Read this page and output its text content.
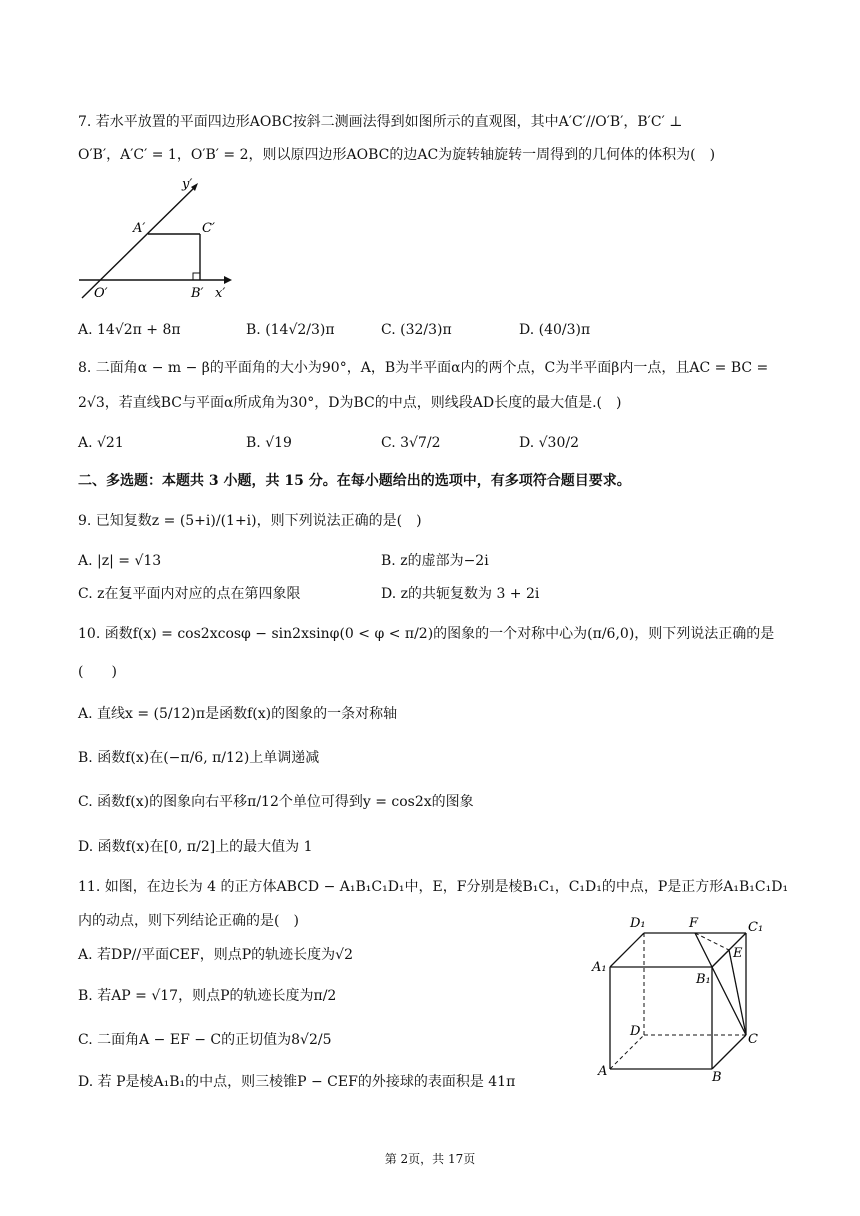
7. 若水平放置的平面四边形AOBC按斜二测画法得到如图所示的直观图，其中A′C′//O′B′，B′C′ ⊥
O′B′，A′C′ = 1，O′B′ = 2，则以原四边形AOBC的边AC为旋转轴旋转一周得到的几何体的体积为(　)
y′
A′	C′
O′	B′ x′
A. 14√2π + 8π	B. (14√2/3)π	C. (32/3)π	D. (40/3)π
8. 二面角α − m − β的平面角的大小为90°，A，B为半平面α内的两个点，C为半平面β内一点，且AC = BC =
2√3，若直线BC与平面α所成角为30°，D为BC的中点，则线段AD长度的最大值是.(　)
A. √21	B. √19	C. 3√7/2	D. √30/2
二、多选题：本题共 3 小题，共 15 分。在每小题给出的选项中，有多项符合题目要求。
9. 已知复数z = (5+i)/(1+i)，则下列说法正确的是(　)
A. |z| = √13	B. z的虚部为−2i
C. z在复平面内对应的点在第四象限	D. z的共轭复数为 3 + 2i
10. 函数f(x) = cos2xcosφ − sin2xsinφ(0 < φ < π/2)的图象的一个对称中心为(π/6,0)，则下列说法正确的是
(　　)
A. 直线x = (5/12)π是函数f(x)的图象的一条对称轴
B. 函数f(x)在(−π/6, π/12)上单调递减
C. 函数f(x)的图象向右平移π/12个单位可得到y = cos2x的图象
D. 函数f(x)在[0, π/2]上的最大值为 1
11. 如图，在边长为 4 的正方体ABCD − A₁B₁C₁D₁中，E，F分别是棱B₁C₁，C₁D₁的中点，P是正方形A₁B₁C₁D₁
内的动点，则下列结论正确的是(　)
A. 若DP//平面CEF，则点P的轨迹长度为√2
B. 若AP = √17，则点P的轨迹长度为π/2
C. 二面角A − EF − C的正切值为8√2/5
D. 若 P是棱A₁B₁的中点，则三棱锥P − CEF的外接球的表面积是 41π
D₁	F	C₁
E
A₁
B₁
D
C
A	B
第 2页，共 17页
